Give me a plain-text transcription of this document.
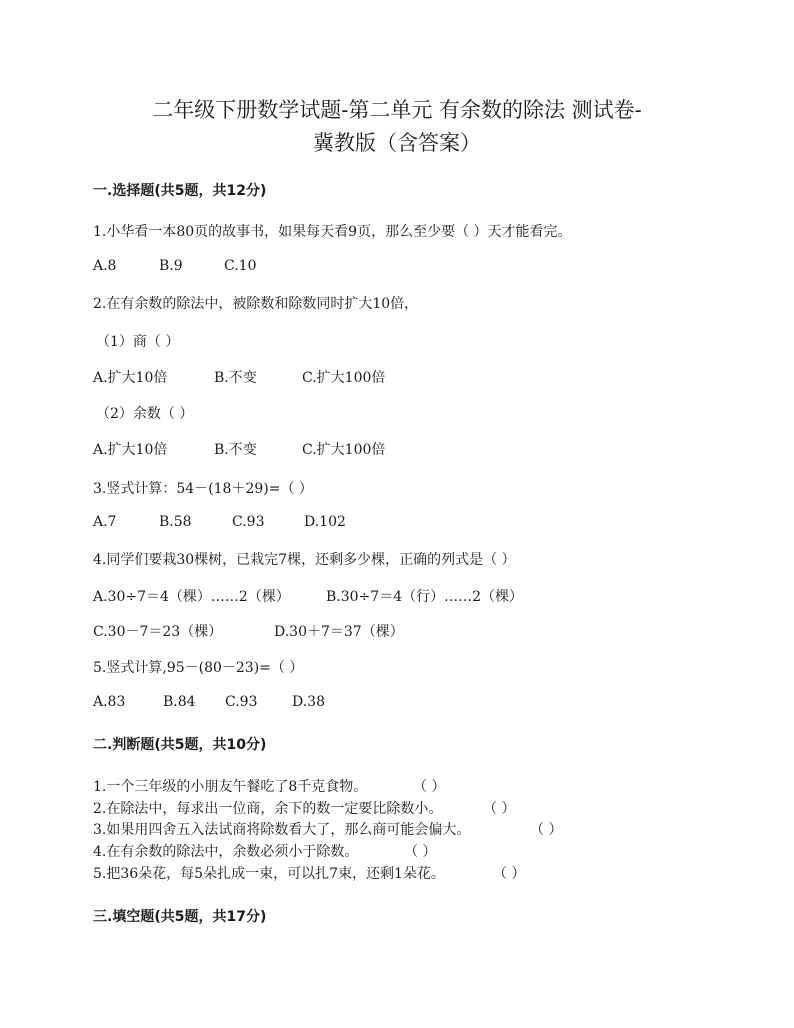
二年级下册数学试题-第二单元 有余数的除法 测试卷-
冀教版（含答案）
一.选择题(共5题，共12分)
1.小华看一本80页的故事书，如果每天看9页，那么至少要（ ）天才能看完。
A.8	B.9	C.10
2.在有余数的除法中，被除数和除数同时扩大10倍，
（1）商（ ）
A.扩大10倍	B.不变	C.扩大100倍
（2）余数（ ）
A.扩大10倍	B.不变	C.扩大100倍
3.竖式计算：54－(18＋29)=（ ）
A.7	B.58	C.93	D.102
4.同学们要栽30棵树，已栽完7棵，还剩多少棵，正确的列式是（ ）
A.30÷7＝4（棵）……2（棵）	B.30÷7＝4（行）……2（棵）
C.30－7＝23（棵）	D.30＋7＝37（棵）
5.竖式计算,95－(80－23)=（ ）
A.83	B.84 C.93 D.38
二.判断题(共5题，共10分)
1.一个三年级的小朋友午餐吃了8千克食物。	（ ）
2.在除法中，每求出一位商，余下的数一定要比除数小。	（ ）
3.如果用四舍五入法试商将除数看大了，那么商可能会偏大。	（ ）
4.在有余数的除法中，余数必须小于除数。	（ ）
5.把36朵花，每5朵扎成一束，可以扎7束，还剩1朵花。	（ ）
三.填空题(共5题，共17分)
